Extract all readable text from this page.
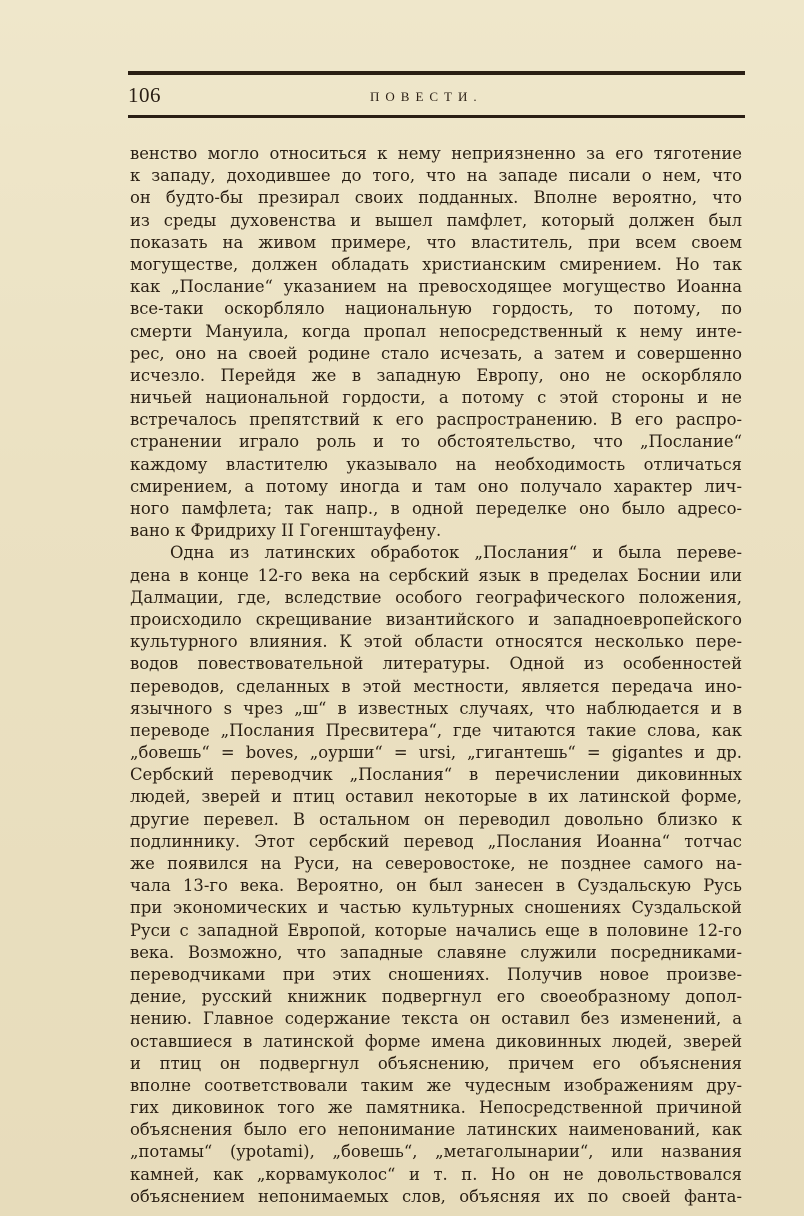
106	ПОВЕСТИ.
венство могло относиться к нему неприязненно за его тяготение
к западу, доходившее до того, что на западе писали о нем, что
он будто-бы презирал своих подданных. Вполне вероятно, что
из среды духовенства и вышел памфлет, который должен был
показать на живом примере, что властитель, при всем своем
могуществе, должен обладать христианским смирением. Но так
как „Послание“ указанием на превосходящее могущество Иоанна
все-таки оскорбляло национальную гордость, то потому, по
смерти Мануила, когда пропал непосредственный к нему инте-
рес, оно на своей родине стало исчезать, а затем и совершенно
исчезло. Перейдя же в западную Европу, оно не оскорбляло
ничьей национальной гордости, а потому с этой стороны и не
встречалось препятствий к его распространению. В его распро-
странении играло роль и то обстоятельство, что „Послание“
каждому властителю указывало на необходимость отличаться
смирением, а потому иногда и там оно получало характер лич-
ного памфлета; так напр., в одной переделке оно было адресо-
вано к Фридриху II Гогенштауфену.
Одна из латинских обработок „Послания“ и была переве-
дена в конце 12-го века на сербский язык в пределах Боснии или
Далмации, где, вследствие особого географического положения,
происходило скрещивание византийского и западноевропейского
культурного влияния. К этой области относятся несколько пере-
водов повествовательной литературы. Одной из особенностей
переводов, сделанных в этой местности, является передача ино-
язычного s чрез „ш“ в известных случаях, что наблюдается и в
переводе „Послания Пресвитера“, где читаются такие слова, как
„бовешь“ = boves, „оурши“ = ursi, „гигантешь“ = gigantes и др.
Сербский переводчик „Послания“ в перечислении диковинных
людей, зверей и птиц оставил некоторые в их латинской форме,
другие перевел. В остальном он переводил довольно близко к
подлиннику. Этот сербский перевод „Послания Иоанна“ тотчас
же появился на Руси, на северовостоке, не позднее самого на-
чала 13-го века. Вероятно, он был занесен в Суздальскую Русь
при экономических и частью культурных сношениях Суздальской
Руси с западной Европой, которые начались еще в половине 12-го
века. Возможно, что западные славяне служили посредниками-
переводчиками при этих сношениях. Получив новое произве-
дение, русский книжник подвергнул его своеобразному допол-
нению. Главное содержание текста он оставил без изменений, а
оставшиеся в латинской форме имена диковинных людей, зверей
и птиц он подвергнул объяснению, причем его объяснения
вполне соответствовали таким же чудесным изображениям дру-
гих диковинок того же памятника. Непосредственной причиной
объяснения было его непонимание латинских наименований, как
„потамы“ (ypotami), „бовешь“, „метаголынарии“, или названия
камней, как „корвамуколос“ и т. п. Но он не довольствовался
объяснением непонимаемых слов, объясняя их по своей фанта-
